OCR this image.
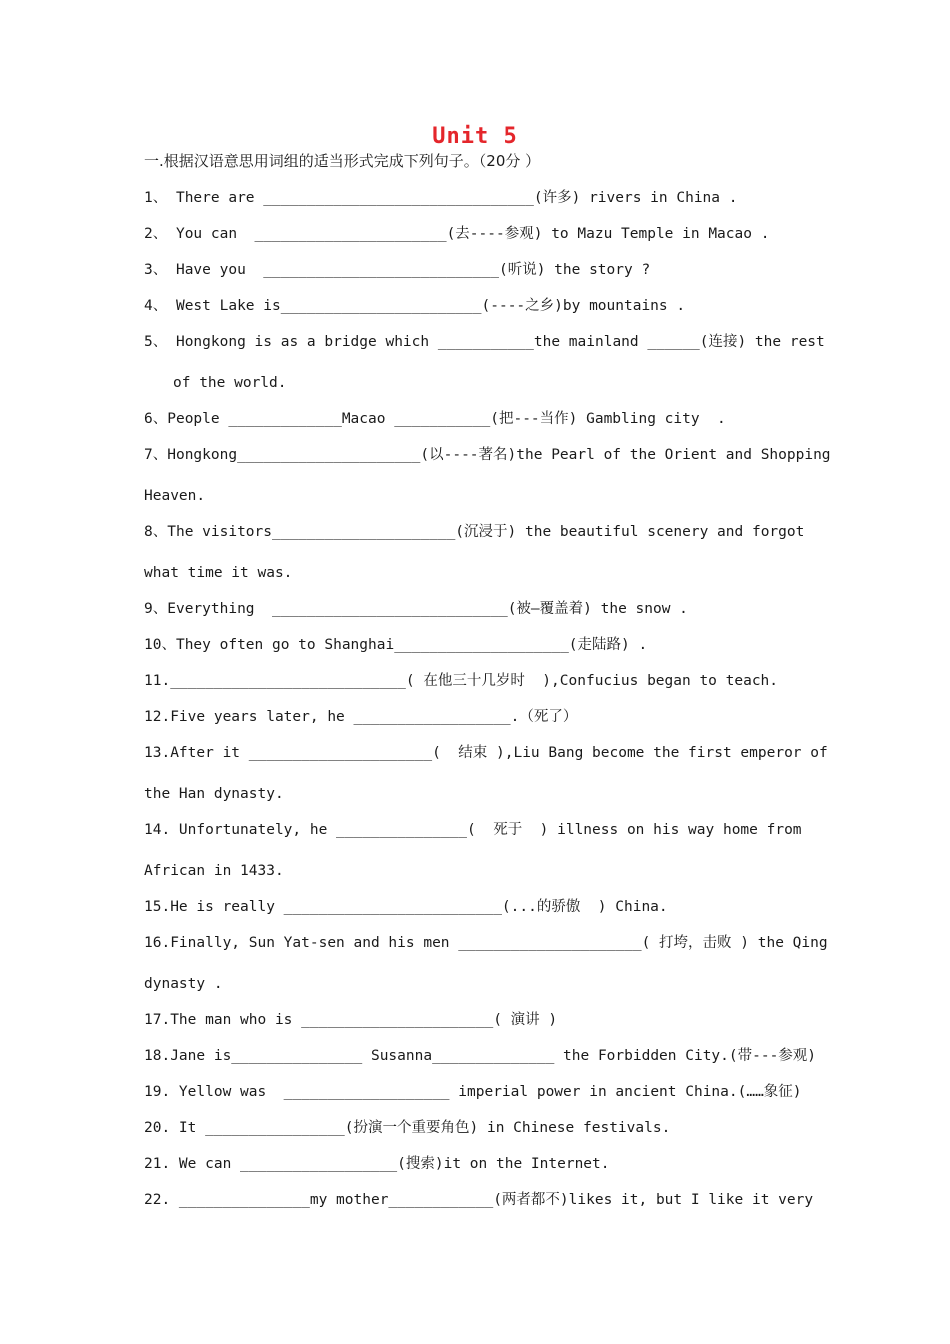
Unit 5
一.根据汉语意思用词组的适当形式完成下列句子。（20分 ）
1、 There are _______________________________(许多) rivers in China .
2、 You can  ______________________(去----参观) to Mazu Temple in Macao .
3、 Have you  ___________________________(听说) the story ?
4、 West Lake is_______________________(----之乡)by mountains .
5、 Hongkong is as a bridge which ___________the mainland ______(连接) the rest
of the world.
6、People _____________Macao ___________(把---当作) Gambling city  .
7、Hongkong_____________________(以----著名)the Pearl of the Orient and Shopping
Heaven.
8、The visitors_____________________(沉浸于) the beautiful scenery and forgot
what time it was.
9、Everything  ___________________________(被—覆盖着) the snow .
10、They often go to Shanghai____________________(走陆路) .
11.___________________________( 在他三十几岁时  ),Confucius began to teach.
12.Five years later, he __________________.（死了）
13.After it _____________________(  结束 ),Liu Bang become the first emperor of
the Han dynasty.
14. Unfortunately, he _______________(  死于  ) illness on his way home from
African in 1433.
15.He is really _________________________(...的骄傲  ) China.
16.Finally, Sun Yat-sen and his men _____________________( 打垮，击败 ) the Qing
dynasty .
17.The man who is ______________________( 演讲 )
18.Jane is_______________ Susanna______________ the Forbidden City.(带---参观)
19. Yellow was  ___________________ imperial power in ancient China.(……象征)
20. It ________________(扮演一个重要角色) in Chinese festivals.
21. We can __________________(搜索)it on the Internet.
22. _______________my mother____________(两者都不)likes it, but I like it very
